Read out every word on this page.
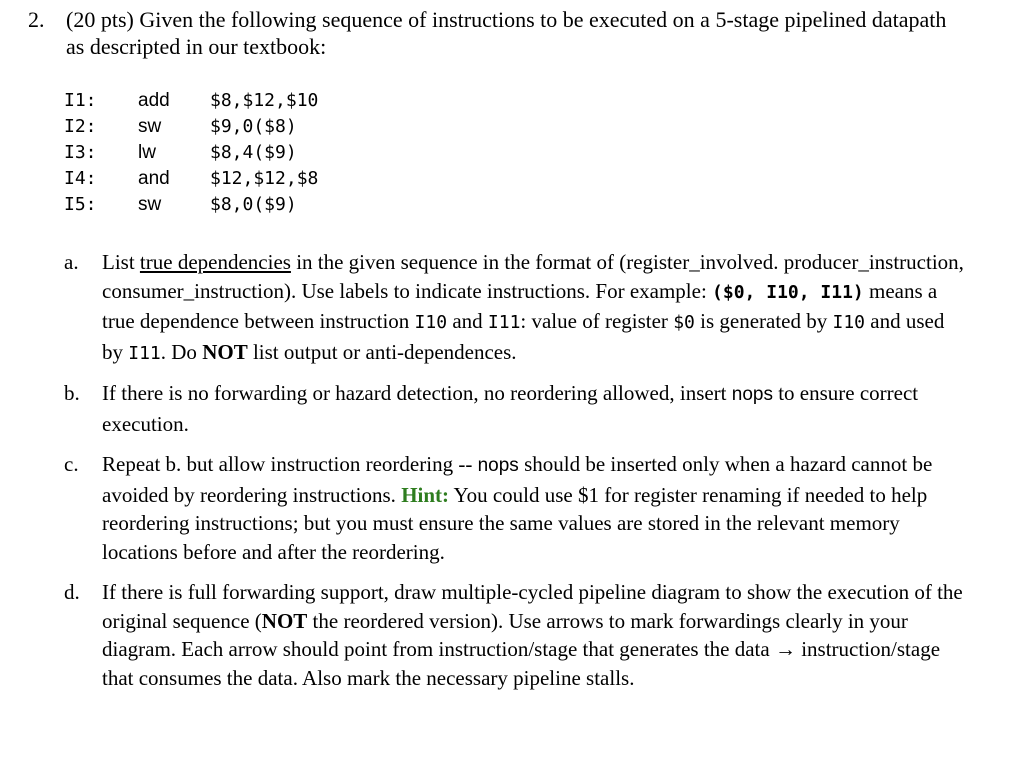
2. (20 pts) Given the following sequence of instructions to be executed on a 5-stage pipelined datapath as descripted in our textbook:
I1: add $8,$12,$10
I2: sw	$9,0($8)
I3: lw	$8,4($9)
I4: and $12,$12,$8
I5: sw	$8,0($9)
a. List true dependencies in the given sequence in the format of (register_involved. producer_instruction, consumer_instruction). Use labels to indicate instructions. For example: ($0, I10, I11) means a true dependence between instruction I10 and I11: value of register $0 is generated by I10 and used by I11. Do NOT list output or anti-dependences.
b. If there is no forwarding or hazard detection, no reordering allowed, insert nops to ensure correct execution.
c. Repeat b. but allow instruction reordering -- nops should be inserted only when a hazard cannot be avoided by reordering instructions. Hint: You could use $1 for register renaming if needed to help reordering instructions; but you must ensure the same values are stored in the relevant memory locations before and after the reordering.
d. If there is full forwarding support, draw multiple-cycled pipeline diagram to show the execution of the original sequence (NOT the reordered version). Use arrows to mark forwardings clearly in your diagram. Each arrow should point from instruction/stage that generates the data → instruction/stage that consumes the data. Also mark the necessary pipeline stalls.
